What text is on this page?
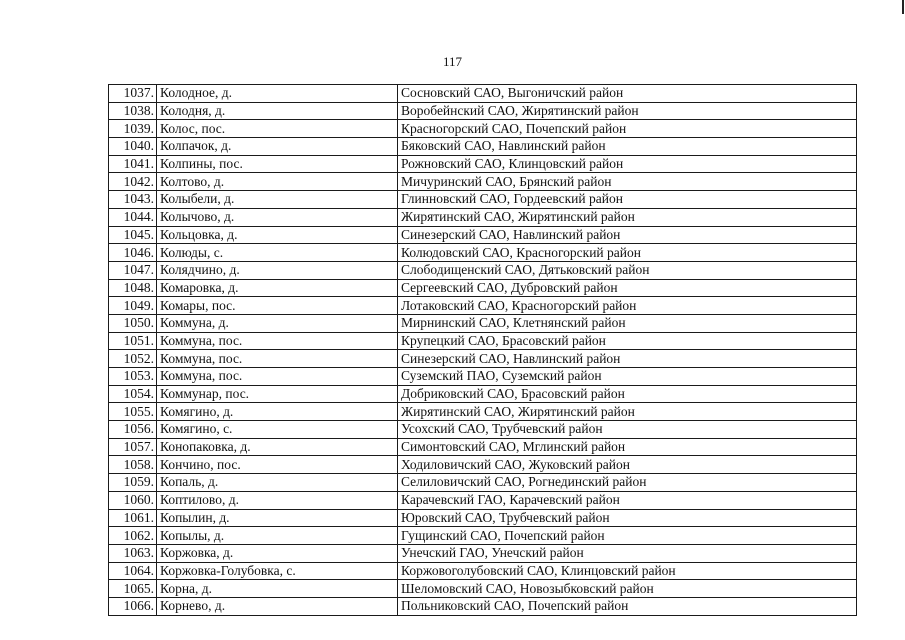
117
1037.	Колодное, д.	Сосновский САО, Выгоничский район
1038.	Колодня, д.	Воробейнский САО, Жирятинский район
1039.	Колос, пос.	Красногорский САО, Почепский район
1040.	Колпачок, д.	Бяковский САО, Навлинский район
1041.	Колпины, пос.	Рожновский САО, Клинцовский район
1042.	Колтово, д.	Мичуринский САО, Брянский район
1043.	Колыбели, д.	Глинновский САО, Гордеевский район
1044.	Колычово, д.	Жирятинский САО, Жирятинский район
1045.	Кольцовка, д.	Синезерский САО, Навлинский район
1046.	Колюды, с.	Колюдовский САО, Красногорский район
1047.	Колядчино, д.	Слободищенский САО, Дятьковский район
1048.	Комаровка, д.	Сергеевский САО, Дубровский район
1049.	Комары, пос.	Лотаковский САО, Красногорский район
1050.	Коммуна, д.	Мирнинский САО, Клетнянский район
1051.	Коммуна, пос.	Крупецкий САО, Брасовский район
1052.	Коммуна, пос.	Синезерский САО, Навлинский район
1053.	Коммуна, пос.	Суземский ПАО, Суземский район
1054.	Коммунар, пос.	Добриковский САО, Брасовский район
1055.	Комягино, д.	Жирятинский САО, Жирятинский район
1056.	Комягино, с.	Усохский САО, Трубчевский район
1057.	Конопаковка, д.	Симонтовский САО, Мглинский район
1058.	Кончино, пос.	Ходиловичский САО, Жуковский район
1059.	Копаль, д.	Селиловичский САО, Рогнединский район
1060.	Коптилово, д.	Карачевский ГАО, Карачевский район
1061.	Копылин, д.	Юровский САО, Трубчевский район
1062.	Копылы, д.	Гущинский САО, Почепский район
1063.	Коржовка, д.	Унечский ГАО, Унечский район
1064.	Коржовка-Голубовка, с.	Коржовоголубовский САО, Клинцовский район
1065.	Корна, д.	Шеломовский САО, Новозыбковский район
1066.	Корнево, д.	Польниковский САО, Почепский район
